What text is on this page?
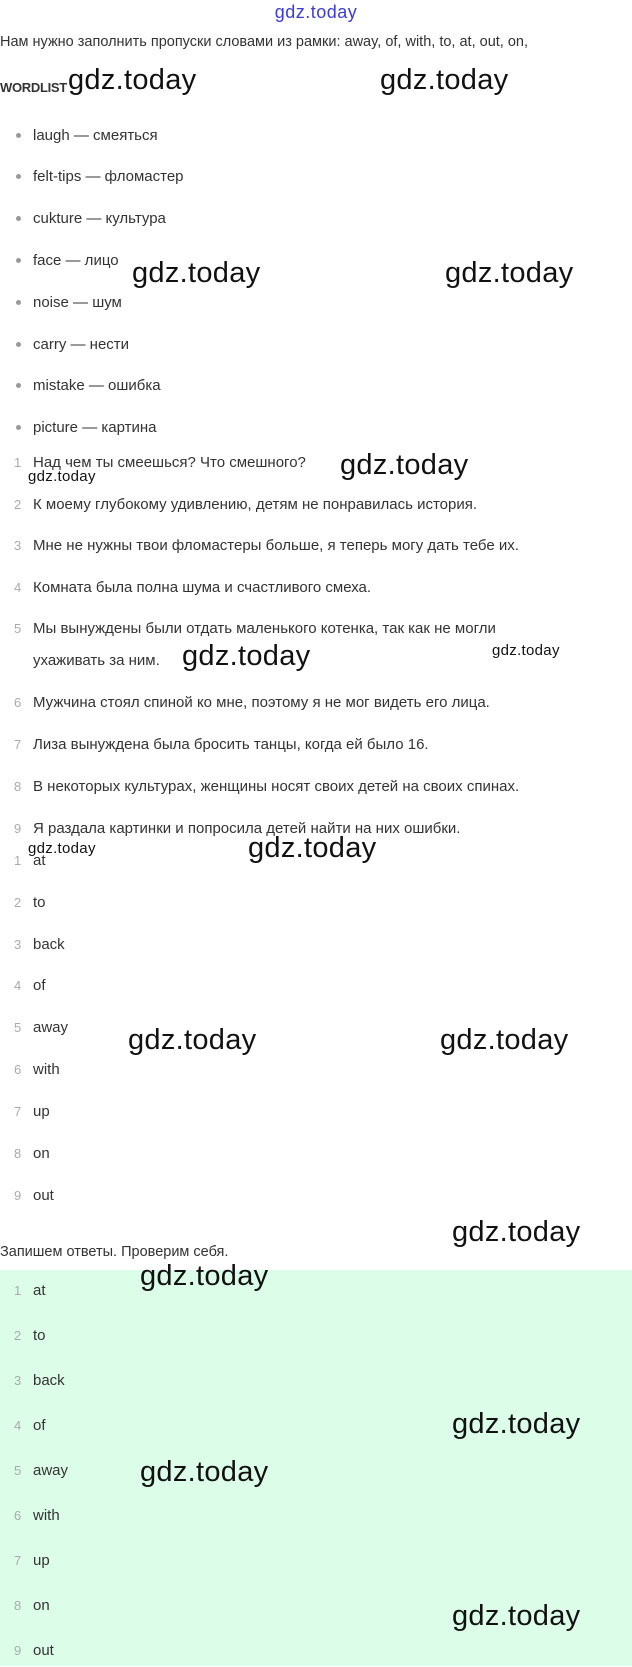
gdz.today
Нам нужно заполнить пропуски словами из рамки: away, of, with, to, at, out, on,
WORDLIST
laugh — смеяться
felt-tips — фломастер
cukture — культура
face — лицо
noise — шум
carry — нести
mistake — ошибка
picture — картина
1 Над чем ты смеешься? Что смешного?
2 К моему глубокому удивлению, детям не понравилась история.
3 Мне не нужны твои фломастеры больше, я теперь могу дать тебе их.
4 Комната была полна шума и счастливого смеха.
5 Мы вынуждены были отдать маленького котенка, так как не могли
ухаживать за ним.
6 Мужчина стоял спиной ко мне, поэтому я не мог видеть его лица.
7 Лиза вынуждена была бросить танцы, когда ей было 16.
8 В некоторых культурах, женщины носят своих детей на своих спинах.
9 Я раздала картинки и попросила детей найти на них ошибки.
1 at
2 to
3 back
4 of
5 away
6 with
7 up
8 on
9 out
Запишем ответы. Проверим себя.
1 at
2 to
3 back
4 of
5 away
6 with
7 up
8 on
9 out
gdz.today	gdz.today
gdz.today	gdz.today
gdz.today
gdz.today
gdz.today	gdz.today
gdz.today	gdz.today
gdz.today	gdz.today
gdz.today
gdz.today
gdz.today
gdz.today
gdz.today
